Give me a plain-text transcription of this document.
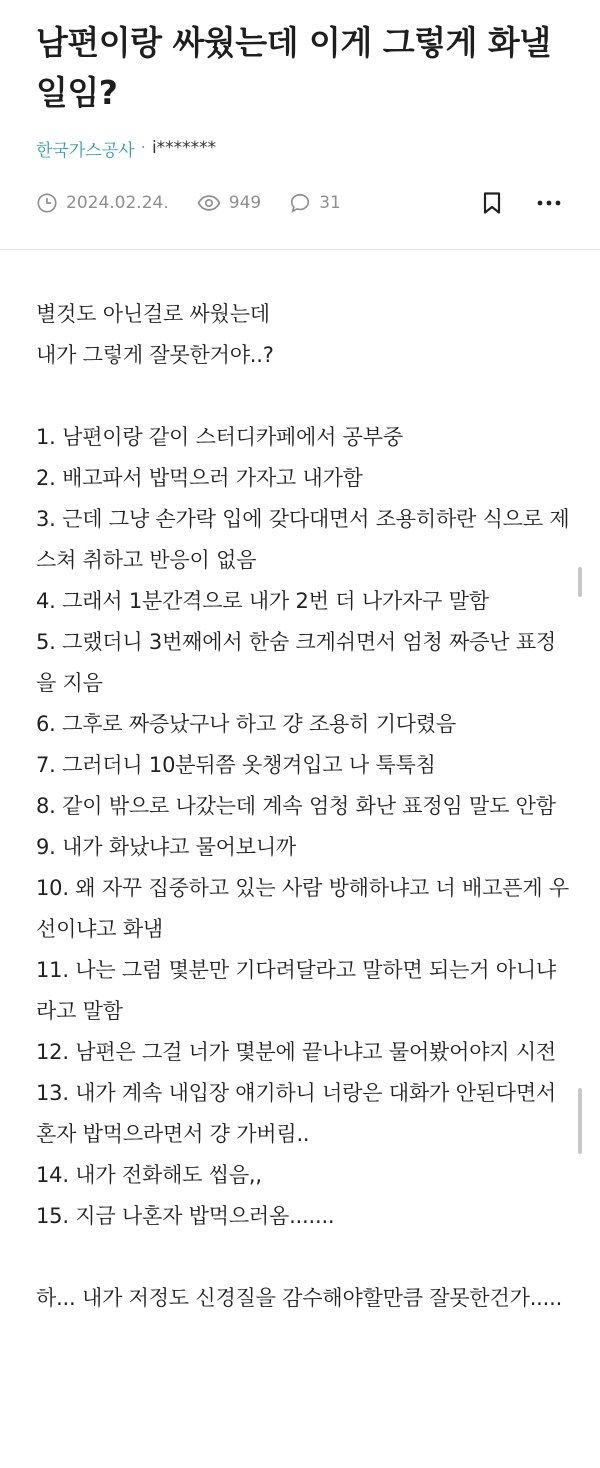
남편이랑 싸웠는데 이게 그렇게 화낼 일임?
한국가스공사 · i*******
2024.02.24.	949	31

별것도 아닌걸로 싸웠는데

내가 그렇게 잘못한거야..?

1. 남편이랑 같이 스터디카페에서 공부중

2. 배고파서 밥먹으러 가자고 내가함

3. 근데 그냥 손가락 입에 갖다대면서 조용히하란 식으로 제스쳐 취하고 반응이 없음

4. 그래서 1분간격으로 내가 2번 더 나가자구 말함

5. 그랬더니 3번째에서 한숨 크게쉬면서 엄청 짜증난 표정을 지음

6. 그후로 짜증났구나 하고 걍 조용히 기다렸음

7. 그러더니 10분뒤쯤 옷챙겨입고 나 툭툭침

8. 같이 밖으로 나갔는데 계속 엄청 화난 표정임 말도 안함

9. 내가 화났냐고 물어보니까

10. 왜 자꾸 집중하고 있는 사람 방해하냐고 너 배고픈게 우선이냐고 화냄

11. 나는 그럼 몇분만 기다려달라고 말하면 되는거 아니냐 라고 말함

12. 남편은 그걸 너가 몇분에 끝나냐고 물어봤어야지 시전

13. 내가 계속 내입장 얘기하니 너랑은 대화가 안된다면서 혼자 밥먹으라면서 걍 가버림..

14. 내가 전화해도 씹음,,

15. 지금 나혼자 밥먹으러옴.......

하... 내가 저정도 신경질을 감수해야할만큼 잘못한건가.....
